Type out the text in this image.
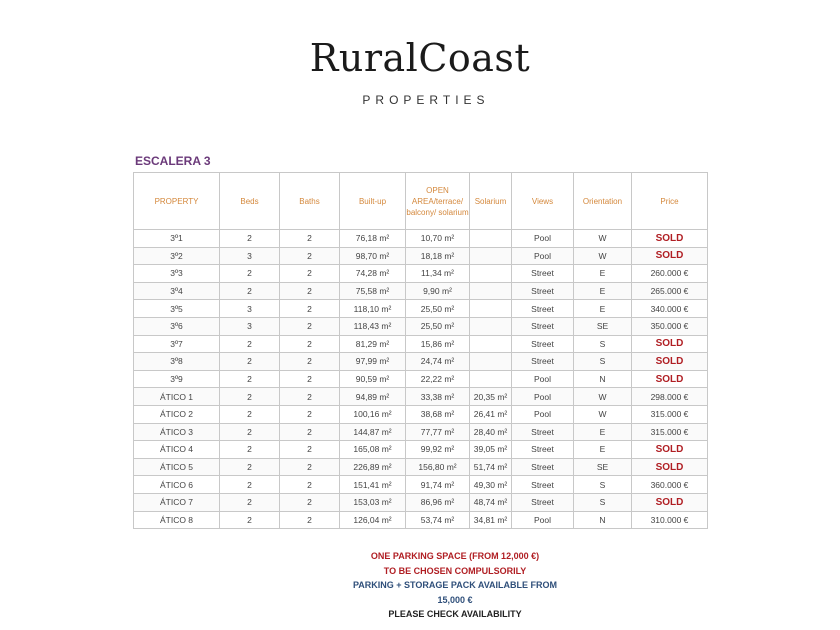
RuralCoast
PROPERTIES
ESCALERA 3
PROPERTY	Beds	Baths	Built-up	OPEN AREA/terrace/ balcony/ solarium	Solarium	Views	Orientation	Price
3º1	2	2	76,18 m²	10,70 m²		Pool	W	SOLD
3º2	3	2	98,70 m²	18,18 m²		Pool	W	SOLD
3º3	2	2	74,28 m²	11,34 m²		Street	E	260.000 €
3º4	2	2	75,58 m²	9,90 m²		Street	E	265.000 €
3º5	3	2	118,10 m²	25,50 m²		Street	E	340.000 €
3º6	3	2	118,43 m²	25,50 m²		Street	SE	350.000 €
3º7	2	2	81,29 m²	15,86 m²		Street	S	SOLD
3º8	2	2	97,99 m²	24,74 m²		Street	S	SOLD
3º9	2	2	90,59 m²	22,22 m²		Pool	N	SOLD
ÁTICO 1	2	2	94,89 m²	33,38 m²	20,35 m²	Pool	W	298.000 €
ÁTICO 2	2	2	100,16 m²	38,68 m²	26,41 m²	Pool	W	315.000 €
ÁTICO 3	2	2	144,87 m²	77,77 m²	28,40 m²	Street	E	315.000 €
ÁTICO 4	2	2	165,08 m²	99,92 m²	39,05 m²	Street	E	SOLD
ÁTICO 5	2	2	226,89 m²	156,80 m²	51,74 m²	Street	SE	SOLD
ÁTICO 6	2	2	151,41 m²	91,74 m²	49,30 m²	Street	S	360.000 €
ÁTICO 7	2	2	153,03 m²	86,96 m²	48,74 m²	Street	S	SOLD
ÁTICO 8	2	2	126,04 m²	53,74 m²	34,81 m²	Pool	N	310.000 €
ONE PARKING SPACE (FROM 12,000 €)
TO BE CHOSEN COMPULSORILY
PARKING + STORAGE PACK AVAILABLE FROM
15,000 €
PLEASE CHECK AVAILABILITY
